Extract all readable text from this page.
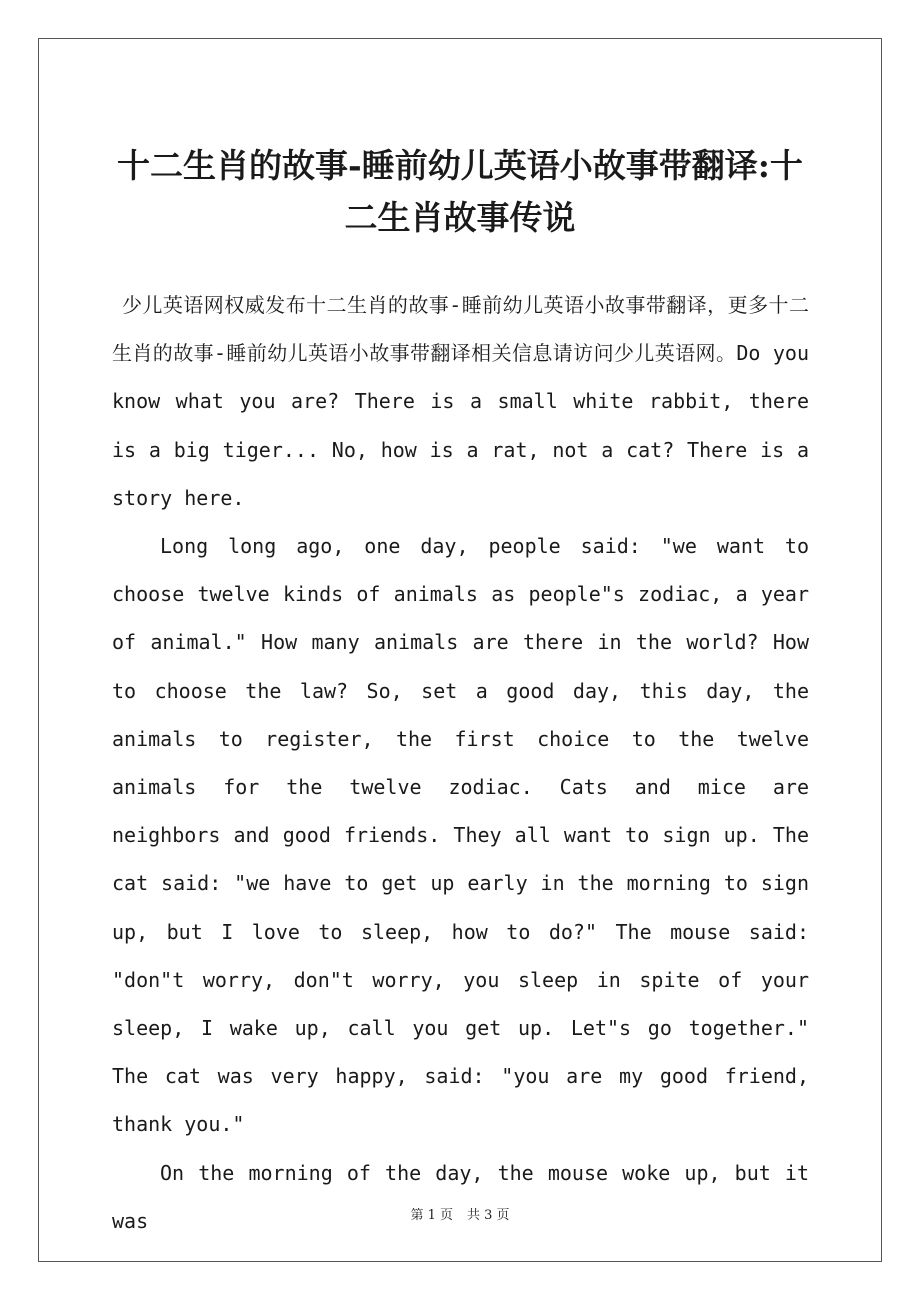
十二生肖的故事-睡前幼儿英语小故事带翻译:十二生肖故事传说

少儿英语网权威发布十二生肖的故事-睡前幼儿英语小故事带翻译，更多十二生肖的故事-睡前幼儿英语小故事带翻译相关信息请访问少儿英语网。Do you know what you are? There is a small white rabbit, there is a big tiger... No, how is a rat, not a cat? There is a story here.

Long long ago, one day, people said: "we want to choose twelve kinds of animals as people"s zodiac, a year of animal." How many animals are there in the world? How to choose the law? So, set a good day, this day, the animals to register, the first choice to the twelve animals for the twelve zodiac. Cats and mice are neighbors and good friends. They all want to sign up. The cat said: "we have to get up early in the morning to sign up, but I love to sleep, how to do?" The mouse said: "don"t worry, don"t worry, you sleep in spite of your sleep, I wake up, call you get up. Let"s go together." The cat was very happy, said: "you are my good friend, thank you."

On the morning of the day, the mouse woke up, but it was	第 1 页 共 3 页
